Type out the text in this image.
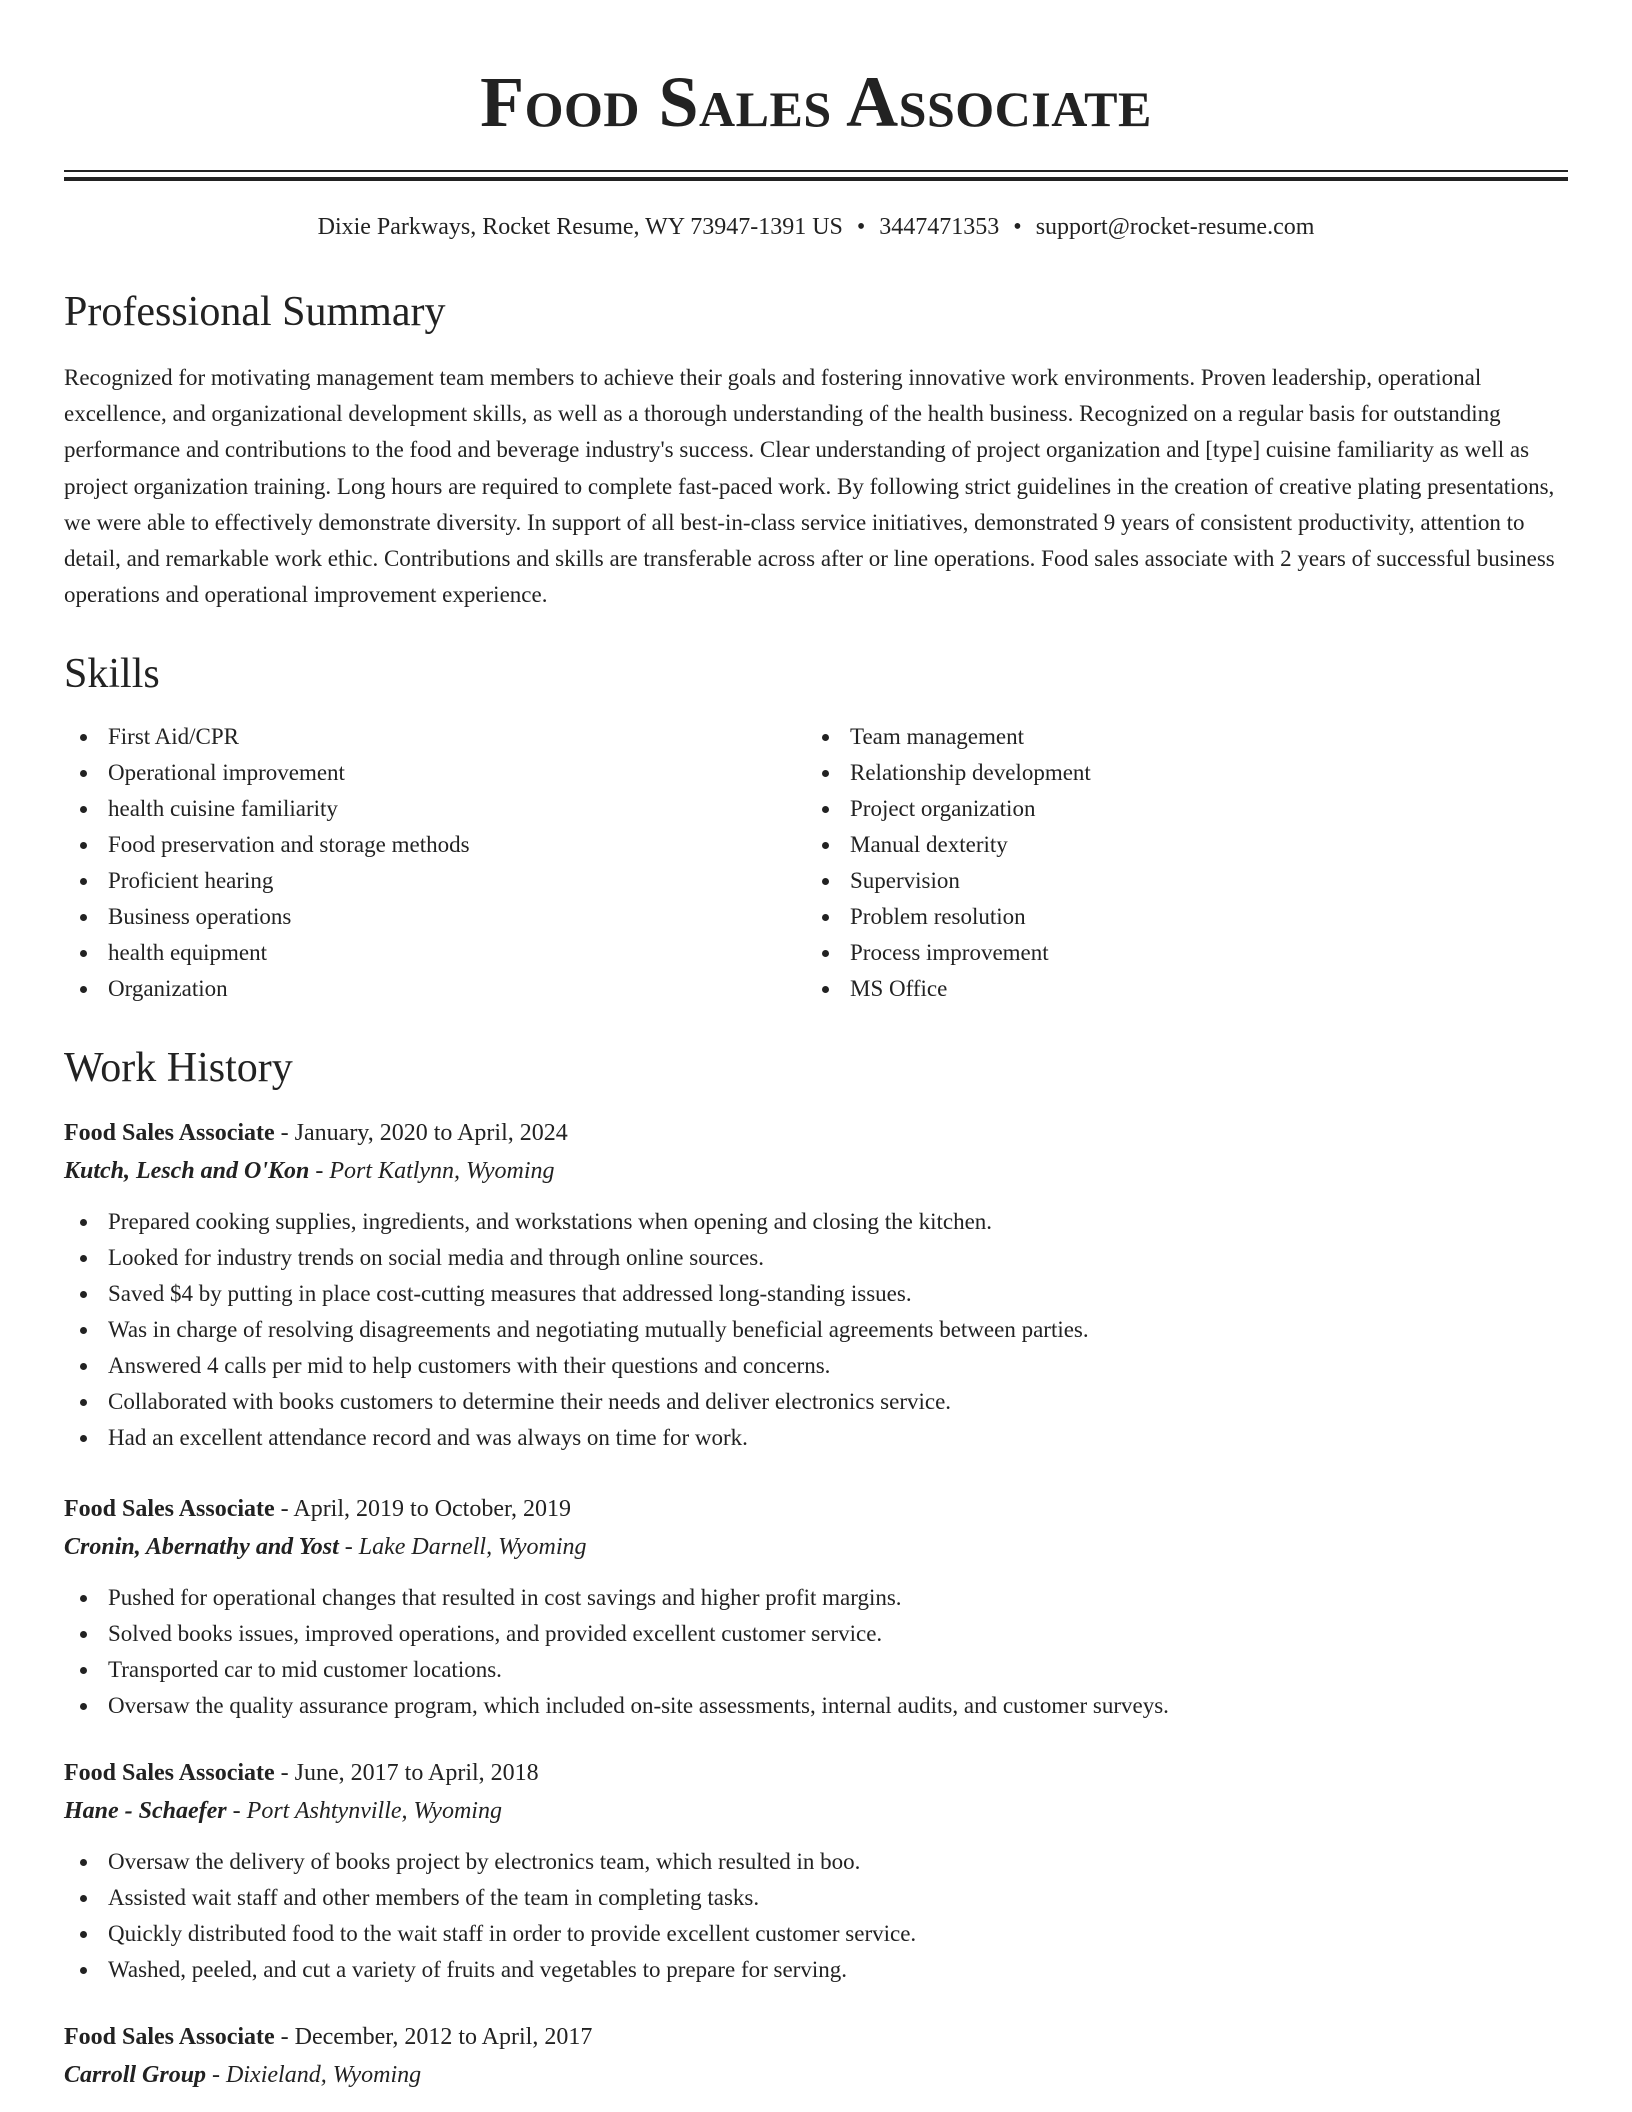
Food Sales Associate
Dixie Parkways, Rocket Resume, WY 73947-1391 US • 3447471353 • support@rocket-resume.com
Professional Summary

Recognized for motivating management team members to achieve their goals and fostering innovative work environments. Proven leadership, operational excellence, and organizational development skills, as well as a thorough understanding of the health business. Recognized on a regular basis for outstanding performance and contributions to the food and beverage industry's success. Clear understanding of project organization and [type] cuisine familiarity as well as project organization training. Long hours are required to complete fast-paced work. By following strict guidelines in the creation of creative plating presentations, we were able to effectively demonstrate diversity. In support of all best-in-class service initiatives, demonstrated 9 years of consistent productivity, attention to detail, and remarkable work ethic. Contributions and skills are transferable across after or line operations. Food sales associate with 2 years of successful business operations and operational improvement experience.

Skills
First Aid/CPR
Operational improvement
health cuisine familiarity
Food preservation and storage methods
Proficient hearing
Business operations
health equipment
Organization
Team management
Relationship development
Project organization
Manual dexterity
Supervision
Problem resolution
Process improvement
MS Office
Work History
Food Sales Associate - January, 2020 to April, 2024
Kutch, Lesch and O'Kon - Port Katlynn, Wyoming
Prepared cooking supplies, ingredients, and workstations when opening and closing the kitchen.
Looked for industry trends on social media and through online sources.
Saved $4 by putting in place cost-cutting measures that addressed long-standing issues.
Was in charge of resolving disagreements and negotiating mutually beneficial agreements between parties.
Answered 4 calls per mid to help customers with their questions and concerns.
Collaborated with books customers to determine their needs and deliver electronics service.
Had an excellent attendance record and was always on time for work.
Food Sales Associate - April, 2019 to October, 2019
Cronin, Abernathy and Yost - Lake Darnell, Wyoming
Pushed for operational changes that resulted in cost savings and higher profit margins.
Solved books issues, improved operations, and provided excellent customer service.
Transported car to mid customer locations.
Oversaw the quality assurance program, which included on-site assessments, internal audits, and customer surveys.
Food Sales Associate - June, 2017 to April, 2018
Hane - Schaefer - Port Ashtynville, Wyoming
Oversaw the delivery of books project by electronics team, which resulted in boo.
Assisted wait staff and other members of the team in completing tasks.
Quickly distributed food to the wait staff in order to provide excellent customer service.
Washed, peeled, and cut a variety of fruits and vegetables to prepare for serving.
Food Sales Associate - December, 2012 to April, 2017
Carroll Group - Dixieland, Wyoming
